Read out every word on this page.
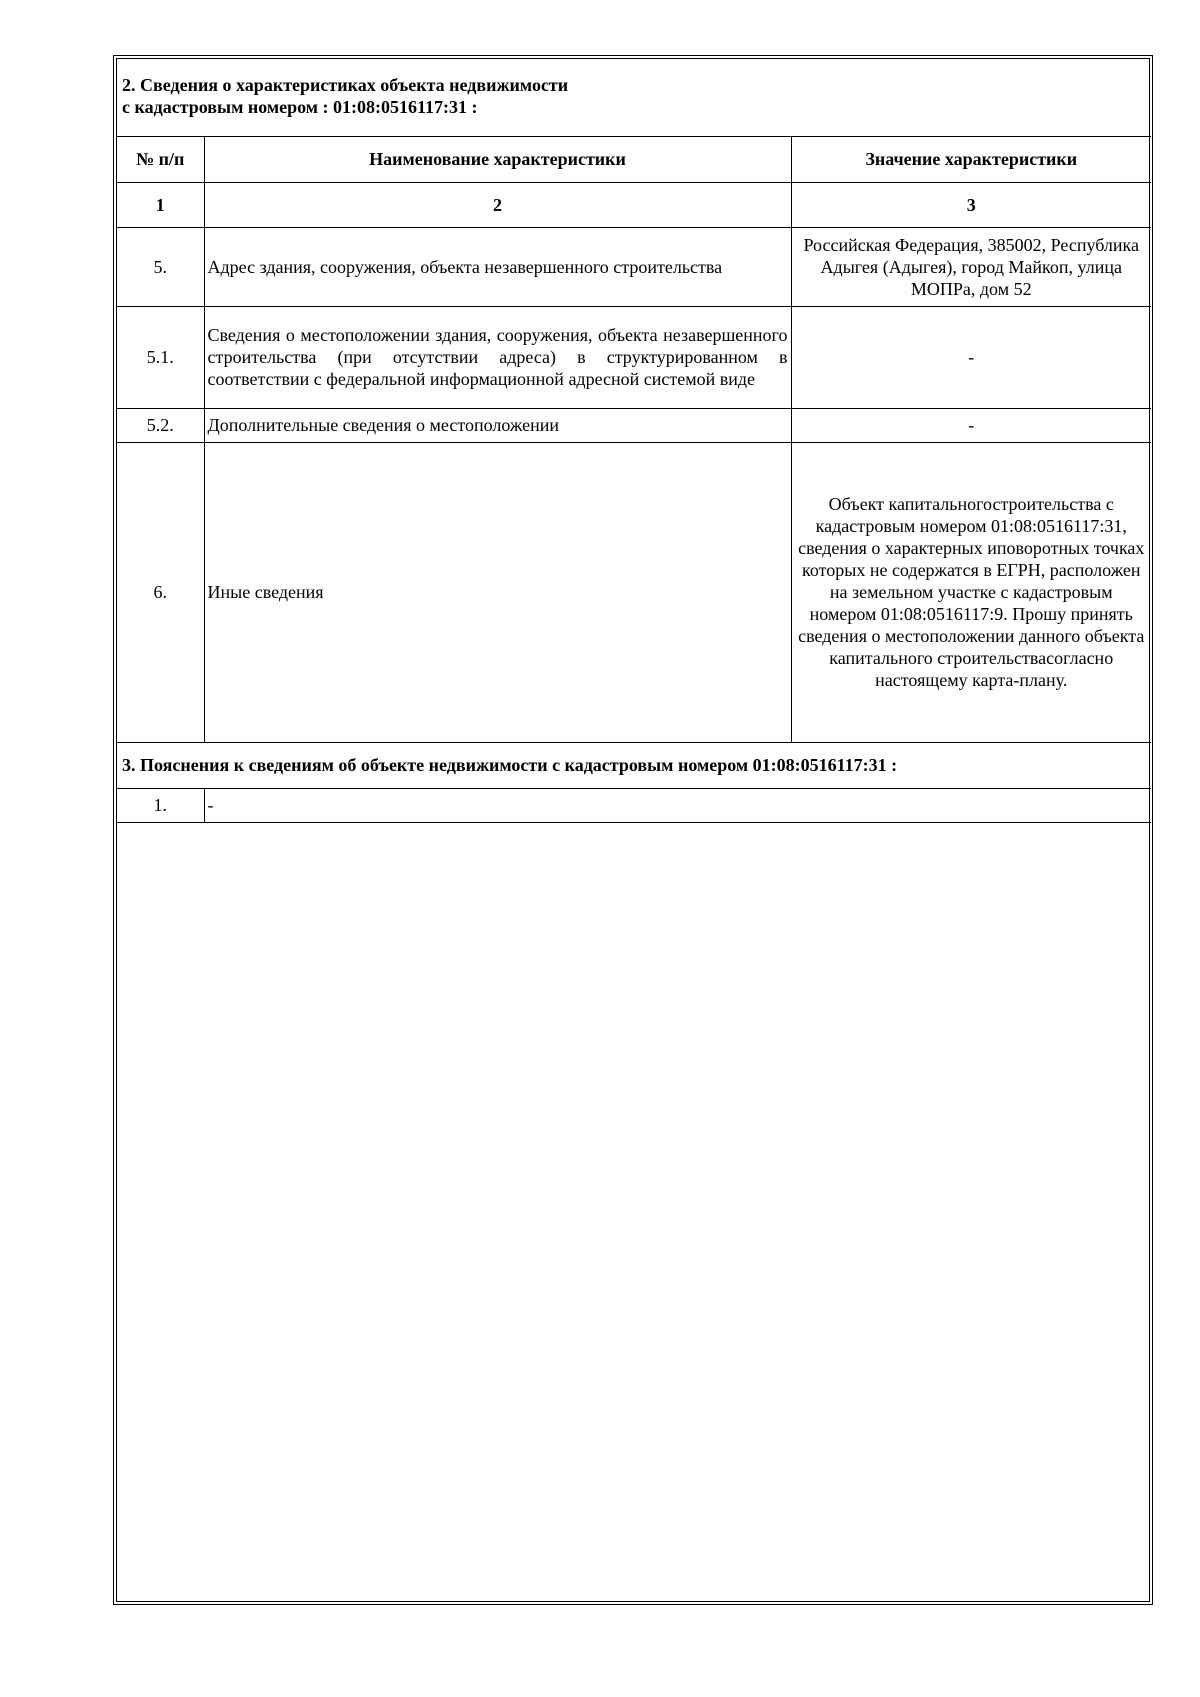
2. Сведения о характеристиках объекта недвижимости
с кадастровым номером : 01:08:0516117:31 :		

№ п/п	Наименование характеристики	Значение характеристики
1	2	3
5.	Адрес здания, сооружения, объекта незавершенного строительства	Российская Федерация, 385002, Республика Адыгея (Адыгея), город Майкоп, улица МОПРа, дом 52
5.1.	Сведения о местоположении здания, сооружения, объекта незавершенного строительства (при отсутствии адреса) в структурированном в соответствии с федеральной информационной адресной системой виде	-
5.2.	Дополнительные сведения о местоположении	-
6.	Иные сведения	Объект капитальногостроительства с кадастровым номером 01:08:0516117:31, сведения о характерных иповоротных точках которых не содержатся в ЕГРН, расположен на земельном участке с кадастровым номером 01:08:0516117:9. Прошу принять сведения о местоположении данного объекта капитального строительствасогласно настоящему карта-плану.
3. Пояснения к сведениям об объекте недвижимости с кадастровым номером 01:08:0516117:31 :		
1.	-	
